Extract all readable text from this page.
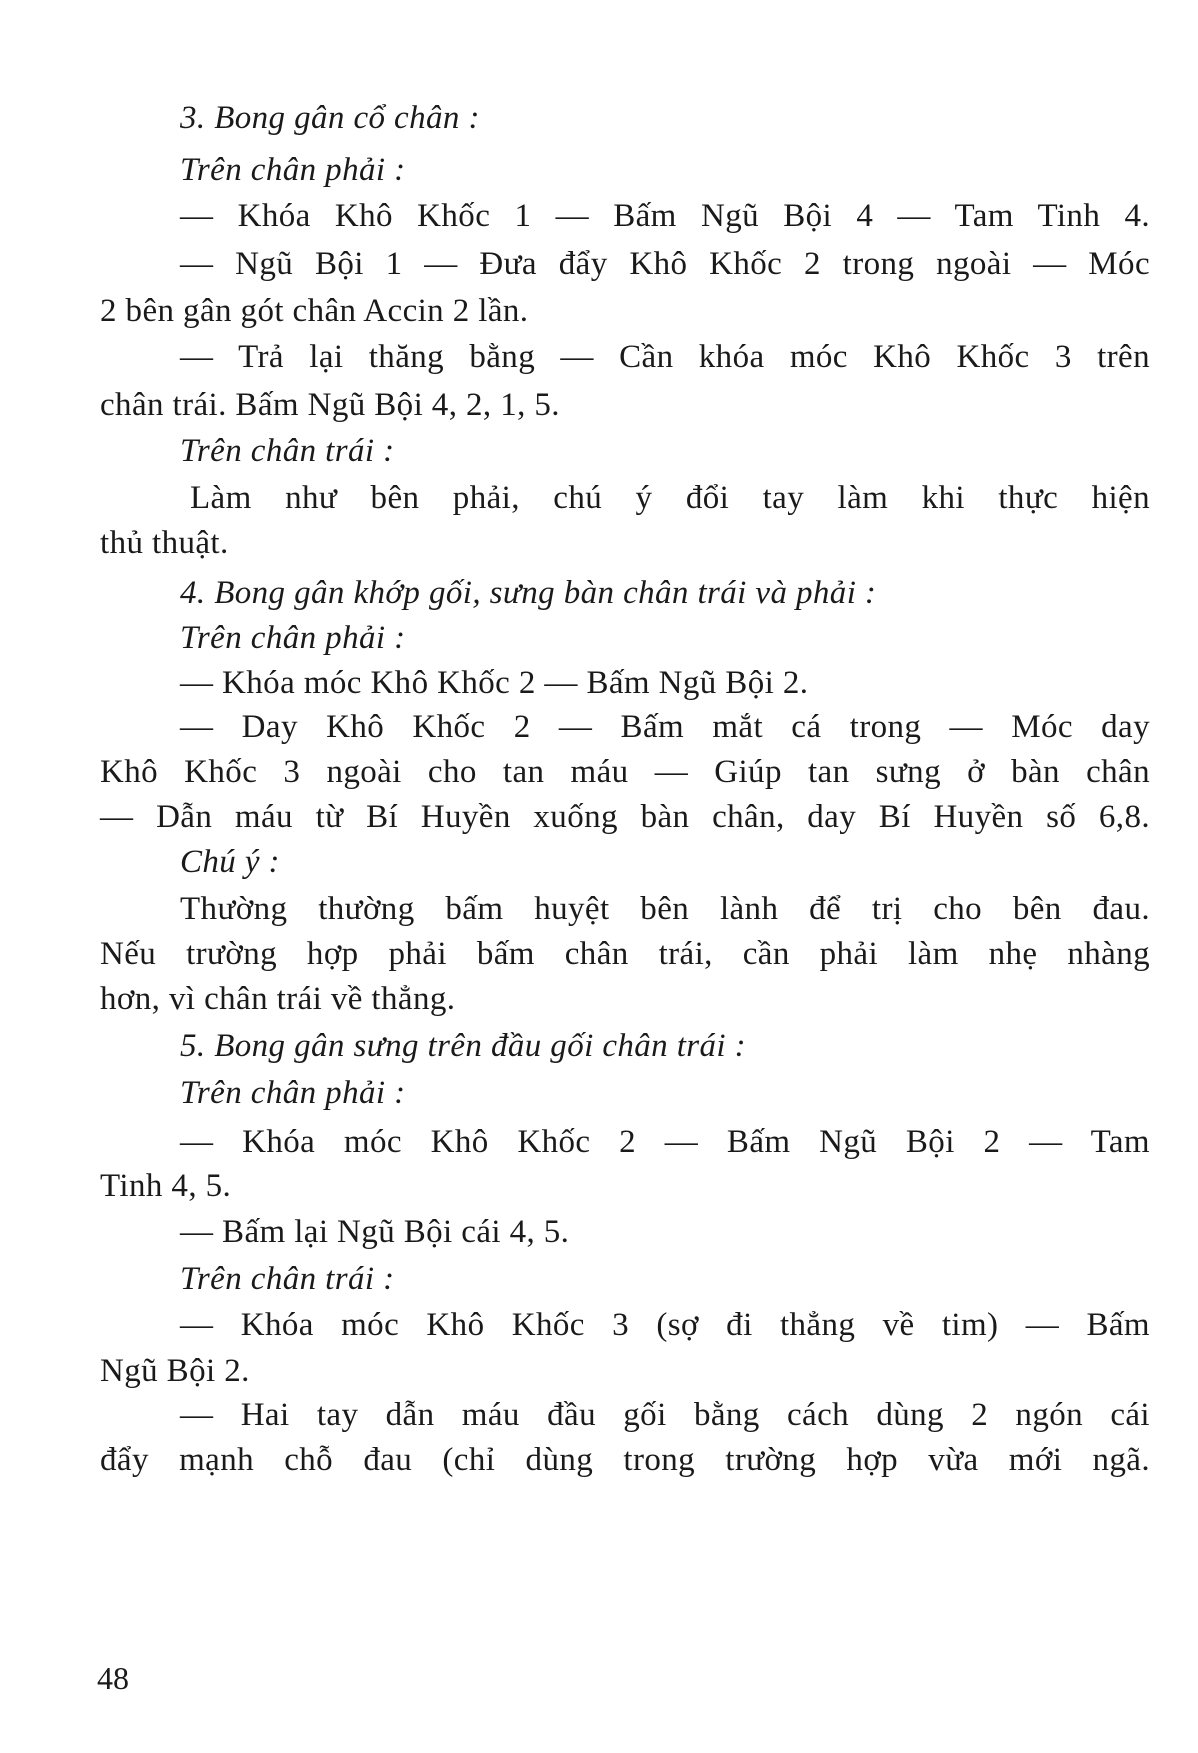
3. Bong gân cổ chân :
Trên chân phải :
— Khóa Khô Khốc 1 — Bấm Ngũ Bội 4 — Tam Tinh 4.
— Ngũ Bội 1 — Đưa đẩy Khô Khốc 2 trong ngoài — Móc
2 bên gân gót chân Accin 2 lần.
— Trả lại thăng bằng — Cần khóa móc Khô Khốc 3 trên
chân trái. Bấm Ngũ Bội 4, 2, 1, 5.
Trên chân trái :
Làm như bên phải, chú ý đổi tay làm khi thực hiện
thủ thuật.
4. Bong gân khớp gối, sưng bàn chân trái và phải :
Trên chân phải :
— Khóa móc Khô Khốc 2 — Bấm Ngũ Bội 2.
— Day Khô Khốc 2 — Bấm mắt cá trong — Móc day
Khô Khốc 3 ngoài cho tan máu — Giúp tan sưng ở bàn chân
— Dẫn máu từ Bí Huyền xuống bàn chân, day Bí Huyền số 6,8.
Chú ý :
Thường thường bấm huyệt bên lành để trị cho bên đau.
Nếu trường hợp phải bấm chân trái, cần phải làm nhẹ nhàng
hơn, vì chân trái về thẳng.
5. Bong gân sưng trên đầu gối chân trái :
Trên chân phải :
— Khóa móc Khô Khốc 2 — Bấm Ngũ Bội 2 — Tam
Tinh 4, 5.
— Bấm lại Ngũ Bội cái 4, 5.
Trên chân trái :
— Khóa móc Khô Khốc 3 (sợ đi thẳng về tim) — Bấm
Ngũ Bội 2.
— Hai tay dẫn máu đầu gối bằng cách dùng 2 ngón cái
đẩy mạnh chỗ đau (chỉ dùng trong trường hợp vừa mới ngã.
48
